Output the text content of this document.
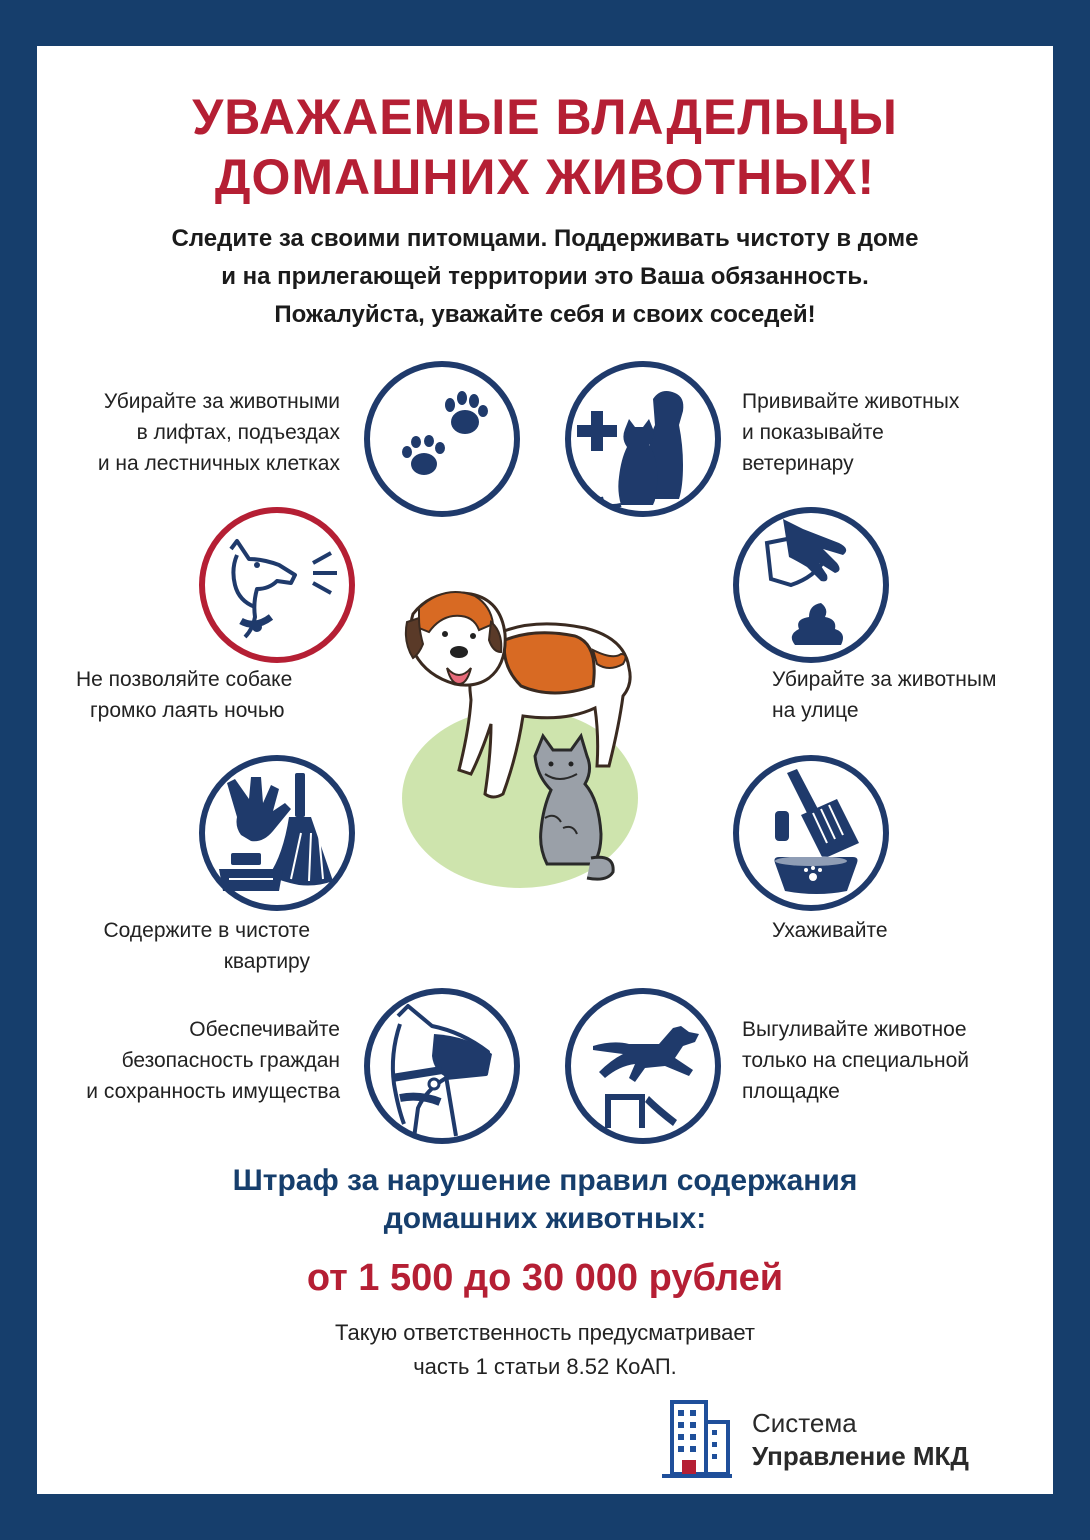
УВАЖАЕМЫЕ ВЛАДЕЛЬЦЫ
ДОМАШНИХ ЖИВОТНЫХ!
Следите за своими питомцами. Поддерживать чистоту в доме
и на прилегающей территории это Ваша обязанность.
Пожалуйста, уважайте себя и своих соседей!
Убирайте за животными
в лифтах, подъездах
и на лестничных клетках
Прививайте животных
и показывайте
ветеринару
Не позволяйте собаке
громко лаять ночью
Убирайте за животным
на улице
Содержите в чистоте
квартиру
Ухаживайте
Обеспечивайте
безопасность граждан
и сохранность имущества
Выгуливайте животное
только на специальной
площадке
Штраф за нарушение правил содержания
домашних животных:
от 1 500 до 30 000 рублей
Такую ответственность предусматривает
часть 1 статьи 8.52 КоАП.
Система
Управление МКД
